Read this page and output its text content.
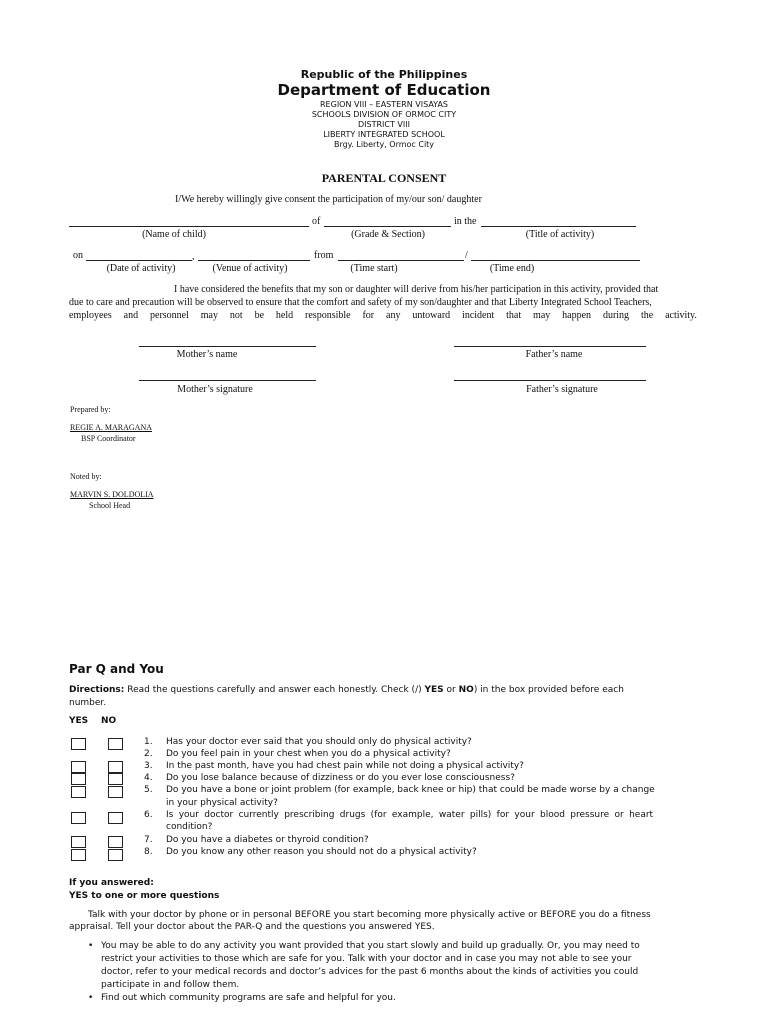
Republic of the Philippines
Department of Education
REGION VIII – EASTERN VISAYAS
SCHOOLS DIVISION OF ORMOC CITY
DISTRICT VIII
LIBERTY INTEGRATED SCHOOL
Brgy. Liberty, Ormoc City
PARENTAL CONSENT
I/We hereby willingly give consent the participation of my/our son/ daughter
of	in the
(Name of child)	(Grade & Section)	(Title of activity)
on	,	from	/
(Date of activity)	(Venue of activity)	(Time start)	(Time end)
I have considered the benefits that my son or daughter will derive from his/her participation in this activity, provided that
due to care and precaution will be observed to ensure that the comfort and safety of my son/daughter and that Liberty Integrated School Teachers,
employees and personnel may not be held responsible for any untoward incident that may happen during the activity.
Mother’s name	Father’s name
Mother’s signature	Father’s signature
Prepared by:
REGIE A. MARAGANA
BSP Coordinator
Noted by:
MARVIN S. DOLDOLIA
School Head
Par Q and You
Directions: Read the questions carefully and answer each honestly. Check (/) YES or NO) in the box provided before each
number.
YES NO
1. Has your doctor ever said that you should only do physical activity?
2. Do you feel pain in your chest when you do a physical activity?
3. In the past month, have you had chest pain while not doing a physical activity?
4. Do you lose balance because of dizziness or do you ever lose consciousness?
5. Do you have a bone or joint problem (for example, back knee or hip) that could be made worse by a change
in your physical activity?
6. Is your doctor currently prescribing drugs (for example, water pills) for your blood pressure or heart
condition?
7. Do you have a diabetes or thyroid condition?
8. Do you know any other reason you should not do a physical activity?
If you answered:
YES to one or more questions
Talk with your doctor by phone or in personal BEFORE you start becoming more physically active or BEFORE you do a fitness
appraisal. Tell your doctor about the PAR-Q and the questions you answered YES.
• You may be able to do any activity you want provided that you start slowly and build up gradually. Or, you may need to
restrict your activities to those which are safe for you. Talk with your doctor and in case you may not able to see your
doctor, refer to your medical records and doctor’s advices for the past 6 months about the kinds of activities you could
participate in and follow them.
• Find out which community programs are safe and helpful for you.
